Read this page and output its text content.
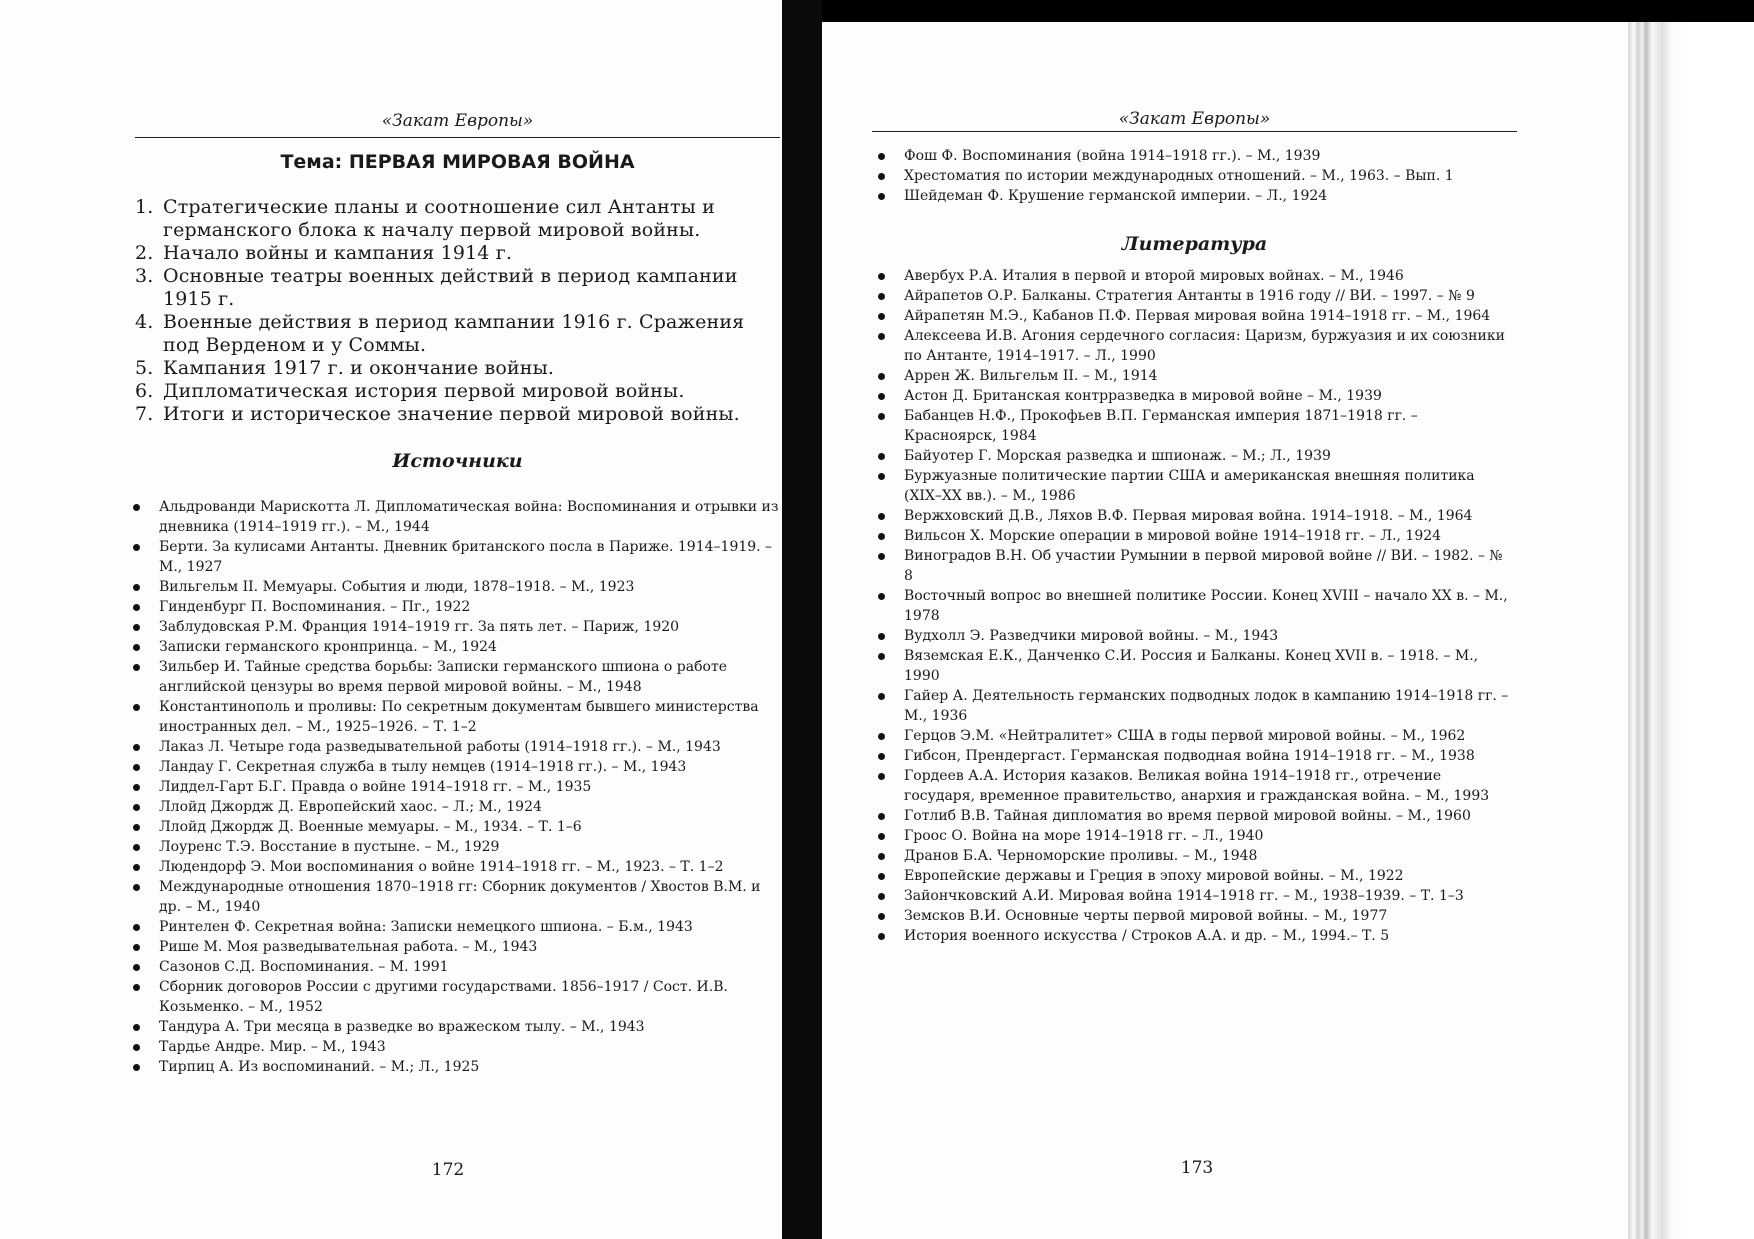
«Закат Европы»
Тема: ПЕРВАЯ МИРОВАЯ ВОЙНА
1. Стратегические планы и соотношение сил Антанты и германского блока к началу первой мировой войны.
2. Начало войны и кампания 1914 г.
3. Основные театры военных действий в период кампании 1915 г.
4. Военные действия в период кампании 1916 г. Сражения под Верденом и у Соммы.
5. Кампания 1917 г. и окончание войны.
6. Дипломатическая история первой мировой войны.
7. Итоги и историческое значение первой мировой войны.
Источники
Альдрованди Марискотта Л. Дипломатическая война: Воспоминания и отрывки из дневника (1914–1919 гг.). – М., 1944
Берти. За кулисами Антанты. Дневник британского посла в Париже. 1914–1919. – М., 1927
Вильгельм II. Мемуары. События и люди, 1878–1918. – М., 1923
Гинденбург П. Воспоминания. – Пг., 1922
Заблудовская Р.М. Франция 1914–1919 гг. За пять лет. – Париж, 1920
Записки германского кронпринца. – М., 1924
Зильбер И. Тайные средства борьбы: Записки германского шпиона о работе английской цензуры во время первой мировой войны. – М., 1948
Константинополь и проливы: По секретным документам бывшего министерства иностранных дел. – М., 1925–1926. – Т. 1–2
Лаказ Л. Четыре года разведывательной работы (1914–1918 гг.). – М., 1943
Ландау Г. Секретная служба в тылу немцев (1914–1918 гг.). – М., 1943
Лиддел-Гарт Б.Г. Правда о войне 1914–1918 гг. – М., 1935
Ллойд Джордж Д. Европейский хаос. – Л.; М., 1924
Ллойд Джордж Д. Военные мемуары. – М., 1934. – Т. 1–6
Лоуренс Т.Э. Восстание в пустыне. – М., 1929
Людендорф Э. Мои воспоминания о войне 1914–1918 гг. – М., 1923. – Т. 1–2
Международные отношения 1870–1918 гг: Сборник документов / Хвостов В.М. и др. – М., 1940
Ринтелен Ф. Секретная война: Записки немецкого шпиона. – Б.м., 1943
Рише М. Моя разведывательная работа. – М., 1943
Сазонов С.Д. Воспоминания. – М. 1991
Сборник договоров России с другими государствами. 1856–1917 / Сост. И.В. Козьменко. – М., 1952
Тандура А. Три месяца в разведке во вражеском тылу. – М., 1943
Тардье Андре. Мир. – М., 1943
Тирпиц А. Из воспоминаний. – М.; Л., 1925
172
«Закат Европы»
Фош Ф. Воспоминания (война 1914–1918 гг.). – М., 1939
Хрестоматия по истории международных отношений. – М., 1963. – Вып. 1
Шейдеман Ф. Крушение германской империи. – Л., 1924
Литература
Авербух Р.А. Италия в первой и второй мировых войнах. – М., 1946
Айрапетов О.Р. Балканы. Стратегия Антанты в 1916 году // ВИ. – 1997. – № 9
Айрапетян М.Э., Кабанов П.Ф. Первая мировая война 1914–1918 гг. – М., 1964
Алексеева И.В. Агония сердечного согласия: Царизм, буржуазия и их союзники по Антанте, 1914–1917. – Л., 1990
Аррен Ж. Вильгельм II. – М., 1914
Астон Д. Британская контрразведка в мировой войне – М., 1939
Бабанцев Н.Ф., Прокофьев В.П. Германская империя 1871–1918 гг. – Красноярск, 1984
Байуотер Г. Морская разведка и шпионаж. – М.; Л., 1939
Буржуазные политические партии США и американская внешняя политика (XIX–XX вв.). – М., 1986
Вержховский Д.В., Ляхов В.Ф. Первая мировая война. 1914–1918. – М., 1964
Вильсон Х. Морские операции в мировой войне 1914–1918 гг. – Л., 1924
Виноградов В.Н. Об участии Румынии в первой мировой войне // ВИ. – 1982. – № 8
Восточный вопрос во внешней политике России. Конец XVIII – начало XX в. – М., 1978
Вудхолл Э. Разведчики мировой войны. – М., 1943
Вяземская Е.К., Данченко С.И. Россия и Балканы. Конец XVII в. – 1918. – М., 1990
Гайер А. Деятельность германских подводных лодок в кампанию 1914–1918 гг. – М., 1936
Герцов Э.М. «Нейтралитет» США в годы первой мировой войны. – М., 1962
Гибсон, Прендергаст. Германская подводная война 1914–1918 гг. – М., 1938
Гордеев А.А. История казаков. Великая война 1914–1918 гг., отречение государя, временное правительство, анархия и гражданская война. – М., 1993
Готлиб В.В. Тайная дипломатия во время первой мировой войны. – М., 1960
Гроос О. Война на море 1914–1918 гг. – Л., 1940
Дранов Б.А. Черноморские проливы. – М., 1948
Европейские державы и Греция в эпоху мировой войны. – М., 1922
Зайончковский А.И. Мировая война 1914–1918 гг. – М., 1938–1939. – Т. 1–3
Земсков В.И. Основные черты первой мировой войны. – М., 1977
История военного искусства / Строков А.А. и др. – М., 1994.– Т. 5
173
